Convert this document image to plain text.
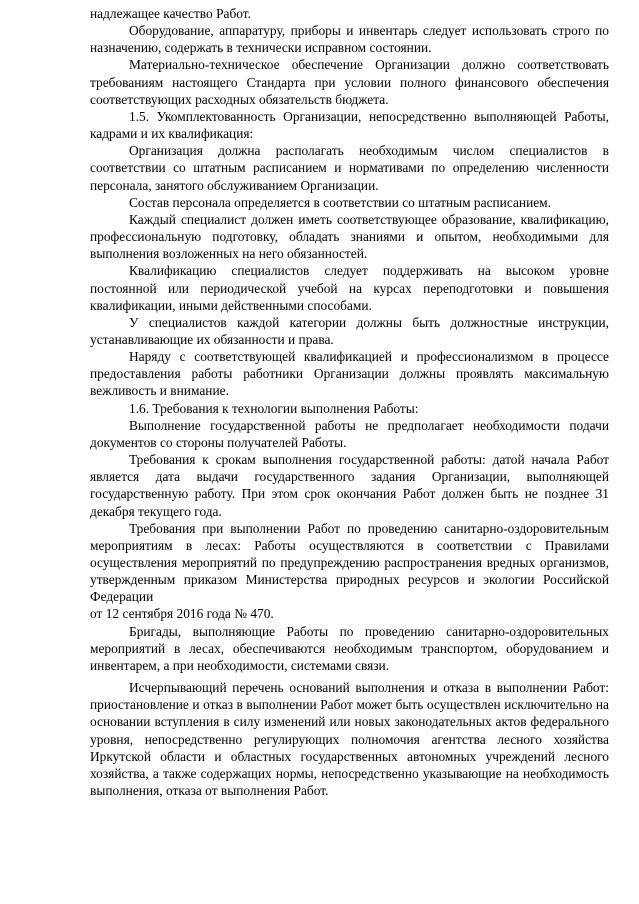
надлежащее качество Работ.

Оборудование, аппаратуру, приборы и инвентарь следует использовать строго по назначению, содержать в технически исправном состоянии.

Материально-техническое обеспечение Организации должно соответствовать требованиям настоящего Стандарта при условии полного финансового обеспечения соответствующих расходных обязательств бюджета.

1.5. Укомплектованность Организации, непосредственно выполняющей Работы, кадрами и их квалификация:

Организация должна располагать необходимым числом специалистов в соответствии со штатным расписанием и нормативами по определению численности персонала, занятого обслуживанием Организации.

Состав персонала определяется в соответствии со штатным расписанием.

Каждый специалист должен иметь соответствующее образование, квалификацию, профессиональную подготовку, обладать знаниями и опытом, необходимыми для выполнения возложенных на него обязанностей.

Квалификацию специалистов следует поддерживать на высоком уровне постоянной или периодической учебой на курсах переподготовки и повышения квалификации, иными действенными способами.

У специалистов каждой категории должны быть должностные инструкции, устанавливающие их обязанности и права.

Наряду с соответствующей квалификацией и профессионализмом в процессе предоставления работы работники Организации должны проявлять максимальную вежливость и внимание.

1.6. Требования к технологии выполнения Работы:

Выполнение государственной работы не предполагает необходимости подачи документов со стороны получателей Работы.

Требования к срокам выполнения государственной работы: датой начала Работ является дата выдачи государственного задания Организации, выполняющей государственную работу. При этом срок окончания Работ должен быть не позднее 31 декабря текущего года.

Требования при выполнении Работ по проведению санитарно-оздоровительным мероприятиям в лесах: Работы осуществляются в соответствии с Правилами осуществления мероприятий по предупреждению распространения вредных организмов, утвержденным приказом Министерства природных ресурсов и экологии Российской Федерации

от 12 сентября 2016 года № 470.

Бригады, выполняющие Работы по проведению санитарно-оздоровительных мероприятий в лесах, обеспечиваются необходимым транспортом, оборудованием и инвентарем, а при необходимости, системами связи.

Исчерпывающий перечень оснований выполнения и отказа в выполнении Работ: приостановление и отказ в выполнении Работ может быть осуществлен исключительно на основании вступления в силу изменений или новых законодательных актов федерального уровня, непосредственно регулирующих полномочия агентства лесного хозяйства Иркутской области и областных государственных автономных учреждений лесного хозяйства, а также содержащих нормы, непосредственно указывающие на необходимость выполнения, отказа от выполнения Работ.
